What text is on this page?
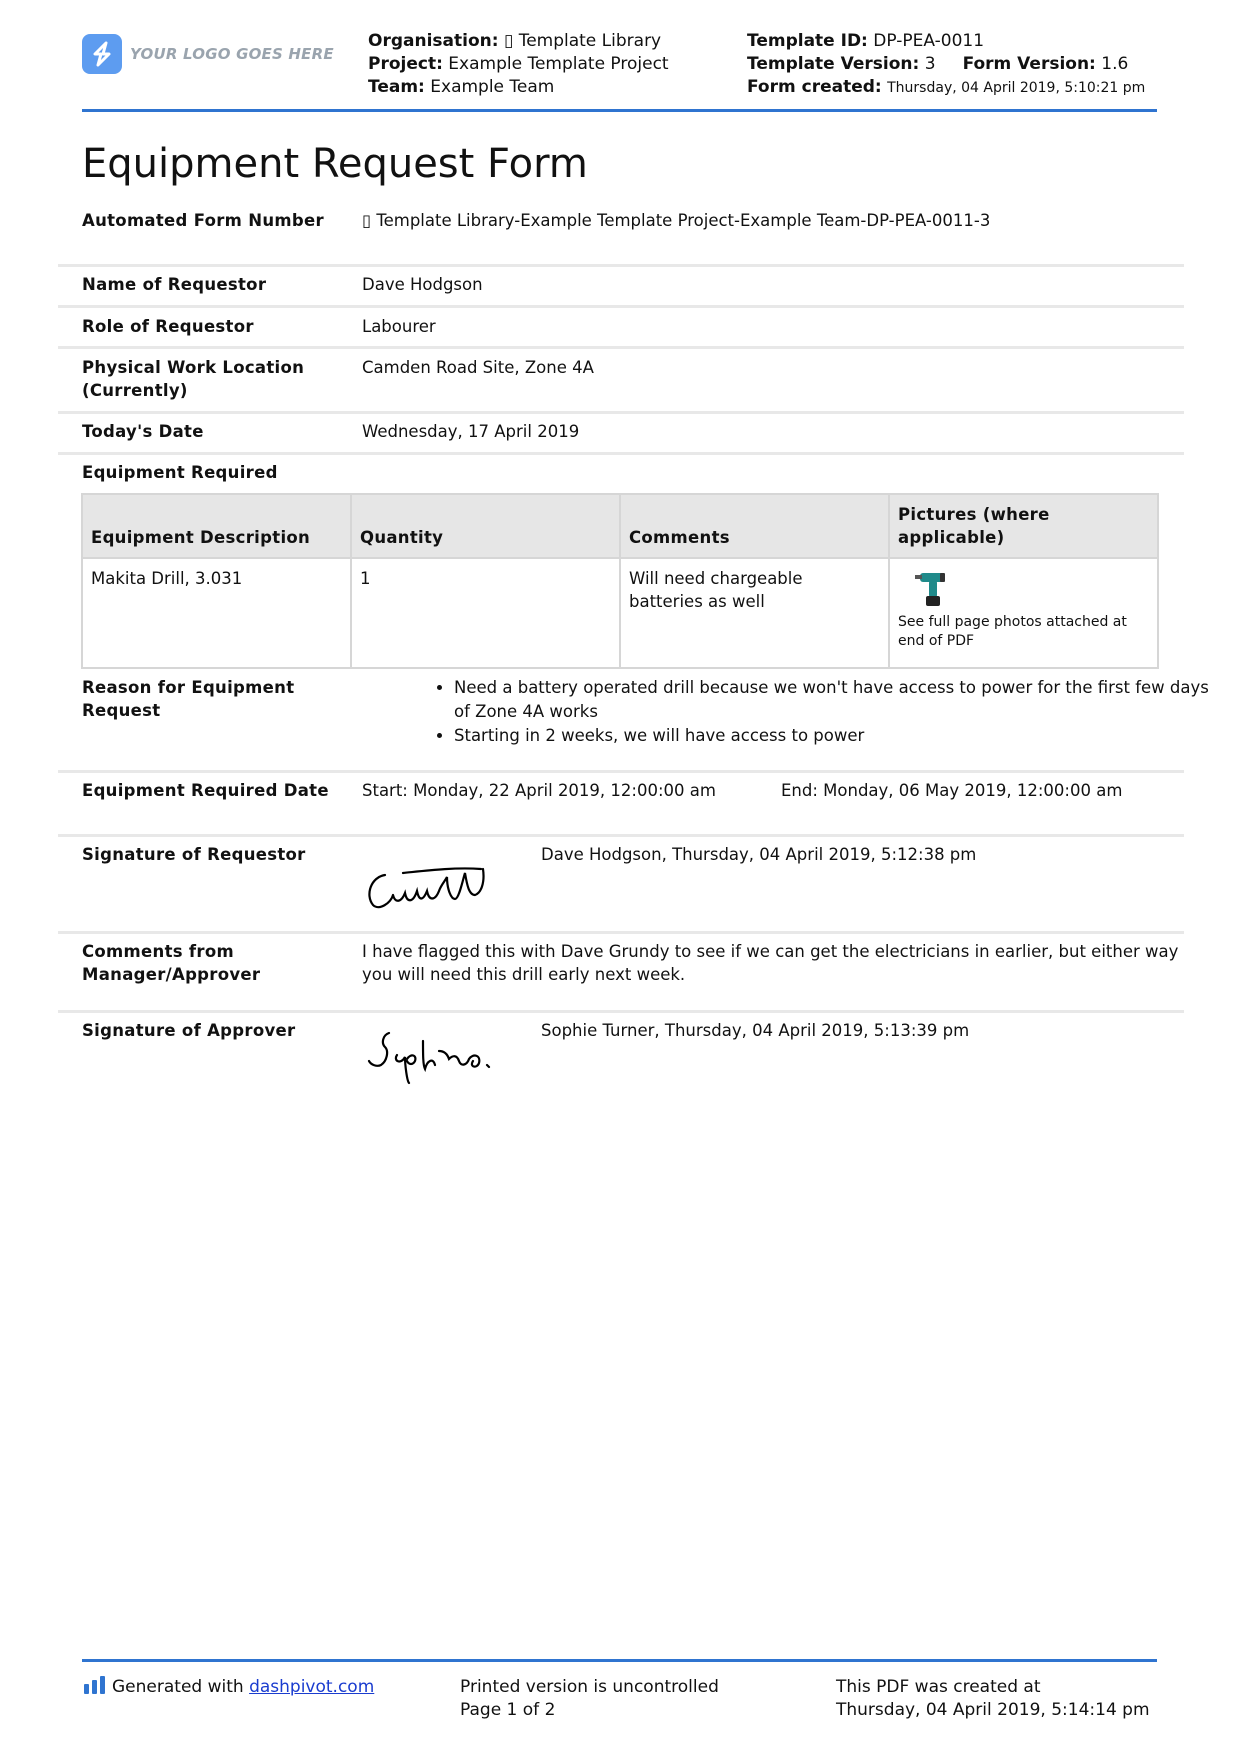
YOUR LOGO GOES HERE
Organisation: ▯ Template Library
Project: Example Template Project
Team: Example Team
Template ID: DP-PEA-0011
Template Version: 3 Form Version: 1.6
Form created: Thursday, 04 April 2019, 5:10:21 pm
Equipment Request Form
Automated Form Number	▯ Template Library-Example Template Project-Example Team-DP-PEA-0011-3
Name of Requestor	Dave Hodgson
Role of Requestor	Labourer
Physical Work Location (Currently)
Camden Road Site, Zone 4A
Today's Date	Wednesday, 17 April 2019
Equipment Required
Equipment Description	Quantity	Comments	Pictures (where applicable)
Makita Drill, 3.031	1	Will need chargeable batteries as well	See full page photos attached at end of PDF
Reason for Equipment Request
• Need a battery operated drill because we won't have access to power for the first few days of Zone 4A works
• Starting in 2 weeks, we will have access to power
Equipment Required Date Start: Monday, 22 April 2019, 12:00:00 am	End: Monday, 06 May 2019, 12:00:00 am
Signature of Requestor	Dave Hodgson, Thursday, 04 April 2019, 5:12:38 pm
Comments from Manager/Approver
I have flagged this with Dave Grundy to see if we can get the electricians in earlier, but either way you will need this drill early next week.
Signature of Approver	Sophie Turner, Thursday, 04 April 2019, 5:13:39 pm
Generated with dashpivot.com	Printed version is uncontrolled
Page 1 of 2
This PDF was created at
Thursday, 04 April 2019, 5:14:14 pm
